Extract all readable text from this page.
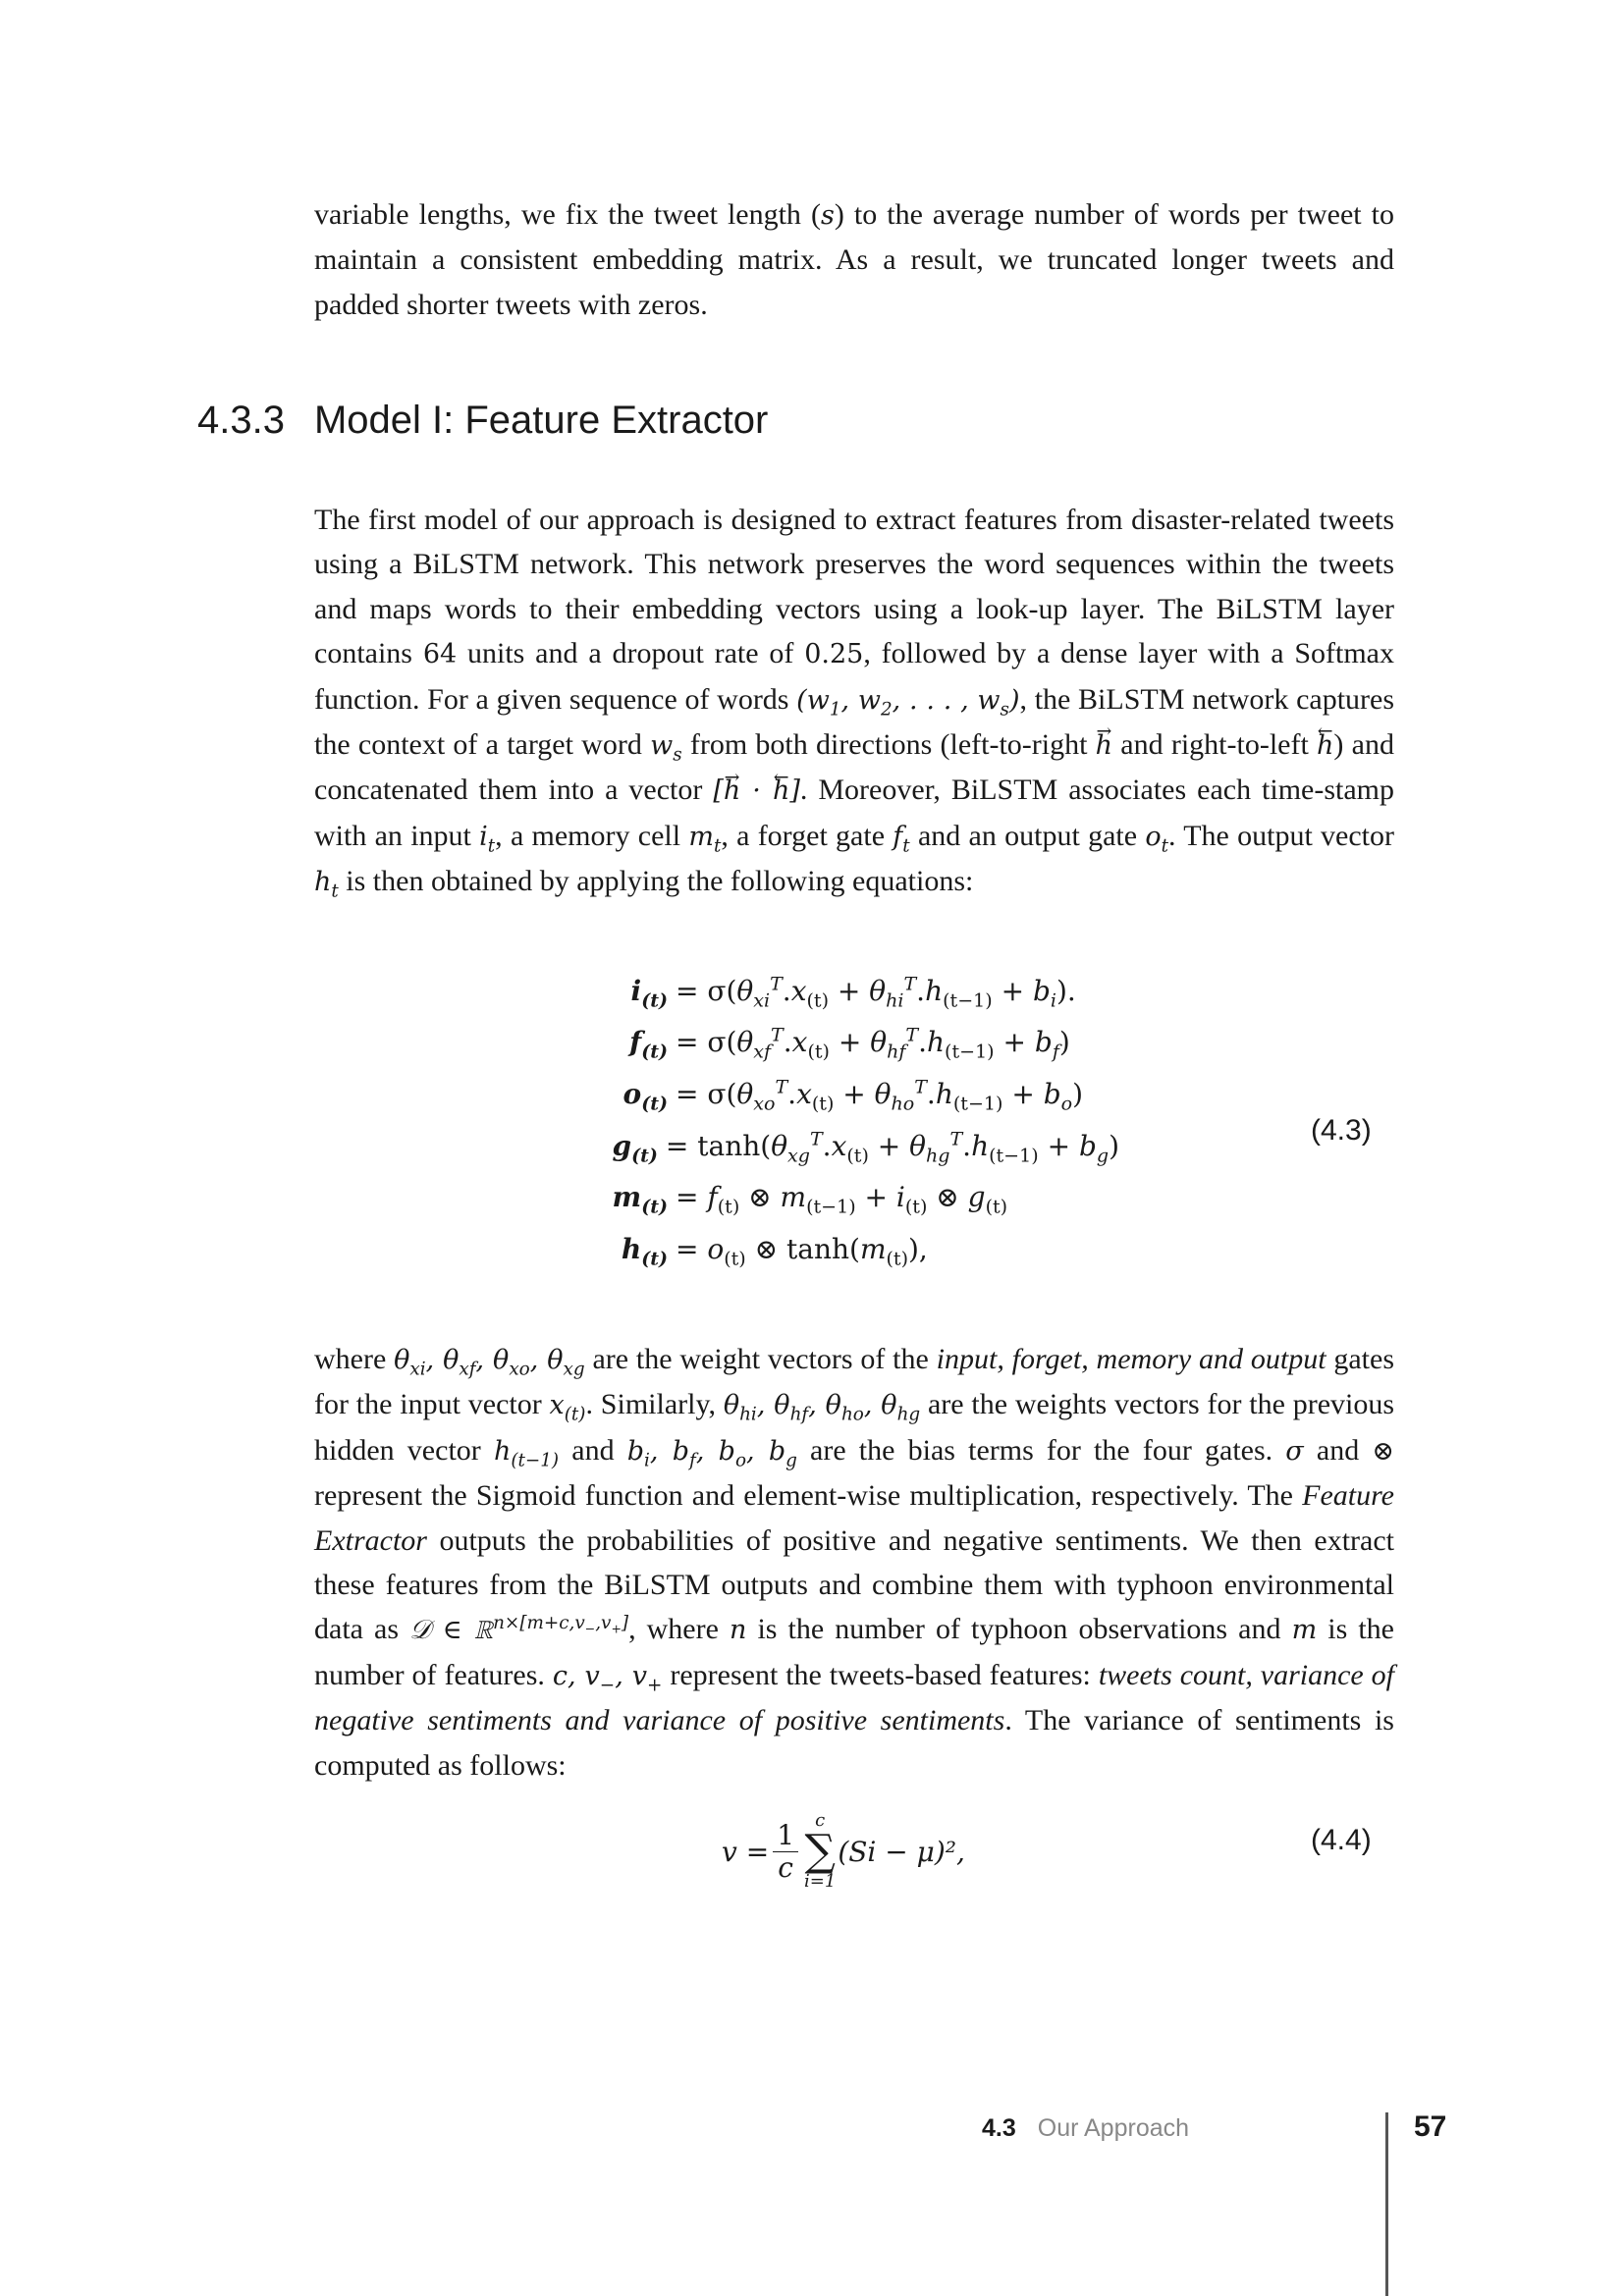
variable lengths, we fix the tweet length (s) to the average number of words per tweet to maintain a consistent embedding matrix. As a result, we truncated longer tweets and padded shorter tweets with zeros.

4.3.3 Model I: Feature Extractor

The first model of our approach is designed to extract features from disaster-related tweets using a BiLSTM network. This network preserves the word sequences within the tweets and maps words to their embedding vectors using a look-up layer. The BiLSTM layer contains 64 units and a dropout rate of 0.25, followed by a dense layer with a Softmax function. For a given sequence of words ($w_1$, $w_2$, . . . , $w_s$), the BiLSTM network captures the context of a target word $w_s$ from both directions (left-to-right → h and right-to-left ← h) and concatenated them into a vector [→ h · ← h]. Moreover, BiLSTM associates each time-stamp with an input $i_t$, a memory cell $m_t$, a forget gate $f_t$ and an output gate $o_t$. The output vector $h_t$ is then obtained by applying the following equations:

$i_{(t)} = \sigma(\theta_{xi}^T.x_{(t)} + \theta_{hi}^T.h_{(t-1)} + b_i)$.
$f_{(t)} = \sigma(\theta_{xf}^T.x_{(t)} + \theta_{hf}^T.h_{(t-1)} + b_f)$
$o_{(t)} = \sigma(\theta_{xo}^T.x_{(t)} + \theta_{ho}^T.h_{(t-1)} + b_o)$
$g_{(t)} = \tanh(\theta_{xg}^T.x_{(t)} + \theta_{hg}^T.h_{(t-1)} + b_g)$
$m_{(t)} = f_{(t)}$ ⊗ $m_{(t-1)} + i_{(t)}$ ⊗ $g_{(t)}$
$h_{(t)} = o_{(t)}$ ⊗ $\tanh(m_{(t)})$,
(4.3)

where $\theta_{xi}$, $\theta_{xf}$, $\theta_{xo}$, $\theta_{xg}$ are the weight vectors of the input, forget, memory and output gates for the input vector $x_{(t)}$. Similarly, $\theta_{hi}$, $\theta_{hf}$, $\theta_{ho}$, $\theta_{hg}$ are the weights vectors for the previous hidden vector $h_{(t-1)}$ and $b_i$, $b_f$, $b_o$, $b_g$ are the bias terms for the four gates. σ and ⊗ represent the Sigmoid function and element-wise multiplication, respectively. The Feature Extractor outputs the probabilities of positive and negative sentiments. We then extract these features from the BiLSTM outputs and combine them with typhoon environmental data as 𝒟 ∈ ℝ$^{n\times[m+c,v_-,v_+]}$, where n is the number of typhoon observations and m is the number of features. c, $v_-$, $v_+$ represent the tweets-based features: tweets count, variance of negative sentiments and variance of positive sentiments. The variance of sentiments is computed as follows:

$v = \frac{1}{c}$ c
∑
i=1
(Si − μ)²,	(4.4)
4.3 Our Approach	57
